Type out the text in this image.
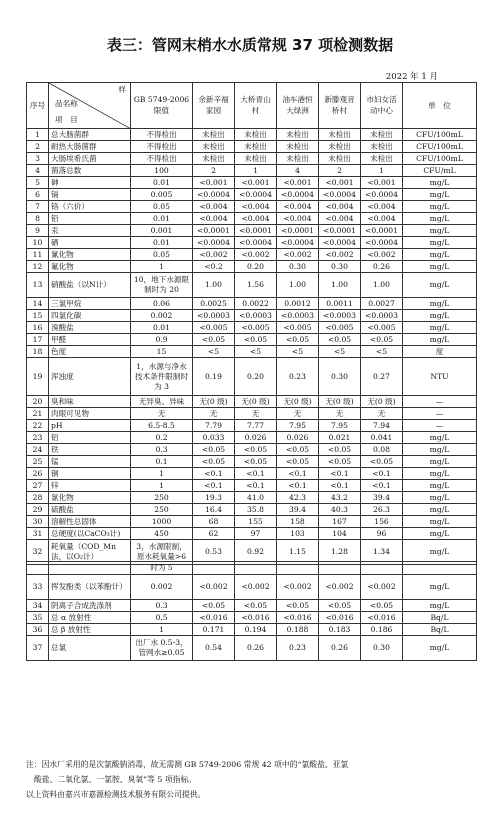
表三：管网末梢水水质常规 37 项检测数据
2022 年 1 月
序号	样
品名称
项　目	GB 5749-2006 限值	余新辛福家园	大桥青山村	油车港恒大绿洲	新滕观音桥村	市妇女活动中心	单　位
1	总大肠菌群	不得检出	未检出	未检出	未检出	未检出	未检出	CFU/100mL
2	耐热大肠菌群	不得检出	未检出	未检出	未检出	未检出	未检出	CFU/100mL
3	大肠埃希氏菌	不得检出	未检出	未检出	未检出	未检出	未检出	CFU/100mL
4	菌落总数	100	2	1	4	2	1	CFU/mL
5	砷	0.01	<0.001	<0.001	<0.001	<0.001	<0.001	mg/L
6	镉	0.005	<0.0004	<0.0004	<0.0004	<0.0004	<0.0004	mg/L
7	铬（六价）	0.05	<0.004	<0.004	<0.004	<0.004	<0.004	mg/L
8	铅	0.01	<0.004	<0.004	<0.004	<0.004	<0.004	mg/L
9	汞	0.001	<0.0001	<0.0001	<0.0001	<0.0001	<0.0001	mg/L
10	硒	0.01	<0.0004	<0.0004	<0.0004	<0.0004	<0.0004	mg/L
11	氰化物	0.05	<0.002	<0.002	<0.002	<0.002	<0.002	mg/L
12	氟化物	1	<0.2	0.20	0.30	0.30	0.26	mg/L
13	硝酸盐（以N计）	10，地下水源限制时为 20	1.00	1.56	1.00	1.00	1.00	mg/L
14	三氯甲烷	0.06	0.0025	0.0022	0.0012	0.0011	0.0027	mg/L
15	四氯化碳	0.002	<0.0003	<0.0003	<0.0003	<0.0003	<0.0003	mg/L
16	溴酸盐	0.01	<0.005	<0.005	<0.005	<0.005	<0.005	mg/L
17	甲醛	0.9	<0.05	<0.05	<0.05	<0.05	<0.05	mg/L
18	色度	15	<5	<5	<5	<5	<5	度
19	浑浊度	1，水源与净水技术条件限制时为 3	0.19	0.20	0.23	0.30	0.27	NTU
20	臭和味	无异臭、异味	无(0 级)	无(0 级)	无(0 级)	无(0 级)	无(0 级)	—
21	肉眼可见物	无	无	无	无	无	无	—
22	pH	6.5-8.5	7.79	7.77	7.95	7.95	7.94	—
23	铝	0.2	0.033	0.026	0.026	0.021	0.041	mg/L
24	铁	0.3	<0.05	<0.05	<0.05	<0.05	0.08	mg/L
25	锰	0.1	<0.05	<0.05	<0.05	<0.05	<0.05	mg/L
26	铜	1	<0.1	<0.1	<0.1	<0.1	<0.1	mg/L
27	锌	1	<0.1	<0.1	<0.1	<0.1	<0.1	mg/L
28	氯化物	250	19.3	41.0	42.3	43.2	39.4	mg/L
29	硫酸盐	250	16.4	35.8	39.4	40.3	26.3	mg/L
30	溶解性总固体	1000	68	155	158	167	156	mg/L
31	总硬度(以CaCO₃计)	450	62	97	103	104	96	mg/L
32	耗氧量（COD_Mn法，以O₂计）	3，水源限制，原水耗氧量>6	0.53	0.92	1.15	1.28	1.34	mg/L
		时为 5						
33	挥发酚类（以苯酚计）	0.002	<0.002	<0.002	<0.002	<0.002	<0.002	mg/L
34	阴离子合成洗涤剂	0.3	<0.05	<0.05	<0.05	<0.05	<0.05	mg/L
35	总 α 放射性	0.5	<0.016	<0.016	<0.016	<0.016	<0.016	Bq/L
36	总 β 放射性	1	0.171	0.194	0.188	0.183	0.186	Bq/L
37	总氯	出厂水 0.5-3，管网水≥0.05	0.54	0.26	0.23	0.26	0.30	mg/L

注：因水厂采用的是次氯酸钠消毒，故无需测 GB 5749-2006 常规 42 项中的“氯酸盐、亚氯

酸盐、二氧化氯、一氯胺、臭氧”等 5 项指标。

以上资料由嘉兴市嘉源检测技术服务有限公司提供。
